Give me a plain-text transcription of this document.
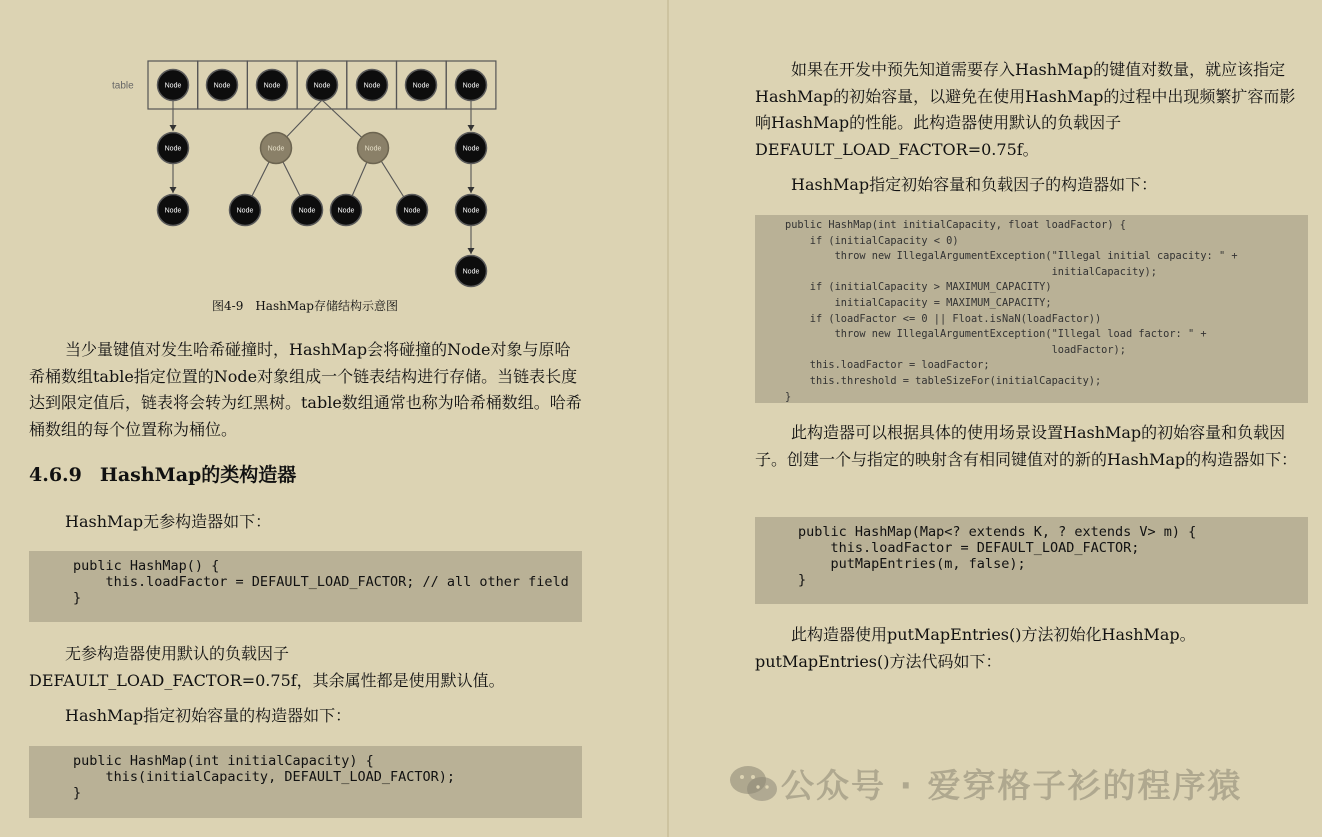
table	Node	Node	Node	Node	Node	Node	Node
Node
Node
Node
Node
Node
Node	Node
Node	Node	Node	Node
图4-9　HashMap存储结构示意图

当少量键值对发生哈希碰撞时，HashMap会将碰撞的Node对象与原哈希桶数组table指定位置的Node对象组成一个链表结构进行存储。当链表长度达到限定值后，链表将会转为红黑树。table数组通常也称为哈希桶数组。哈希桶数组的每个位置称为桶位。

4.6.9 HashMap的类构造器

HashMap无参构造器如下：

public HashMap() {
this.loadFactor = DEFAULT_LOAD_FACTOR; // all other field
}

无参构造器使用默认的负载因子

DEFAULT_LOAD_FACTOR=0.75f，其余属性都是使用默认值。

HashMap指定初始容量的构造器如下：

public HashMap(int initialCapacity) {
this(initialCapacity, DEFAULT_LOAD_FACTOR);
}

如果在开发中预先知道需要存入HashMap的键值对数量，就应该指定HashMap的初始容量，以避免在使用HashMap的过程中出现频繁扩容而影响HashMap的性能。此构造器使用默认的负载因子DEFAULT_LOAD_FACTOR=0.75f。

HashMap指定初始容量和负载因子的构造器如下：

public HashMap(int initialCapacity, float loadFactor) {
if (initialCapacity < 0)
throw new IllegalArgumentException("Illegal initial capacity: " +
initialCapacity);
if (initialCapacity > MAXIMUM_CAPACITY)
initialCapacity = MAXIMUM_CAPACITY;
if (loadFactor <= 0 || Float.isNaN(loadFactor))
throw new IllegalArgumentException("Illegal load factor: " +
loadFactor);
this.loadFactor = loadFactor;
this.threshold = tableSizeFor(initialCapacity);
}

此构造器可以根据具体的使用场景设置HashMap的初始容量和负载因子。创建一个与指定的映射含有相同键值对的新的HashMap的构造器如下：

public HashMap(Map<? extends K, ? extends V> m) {
this.loadFactor = DEFAULT_LOAD_FACTOR;
putMapEntries(m, false);
}

此构造器使用putMapEntries()方法初始化HashMap。putMapEntries()方法代码如下：

公众号 · 爱穿格子衫的程序猿
